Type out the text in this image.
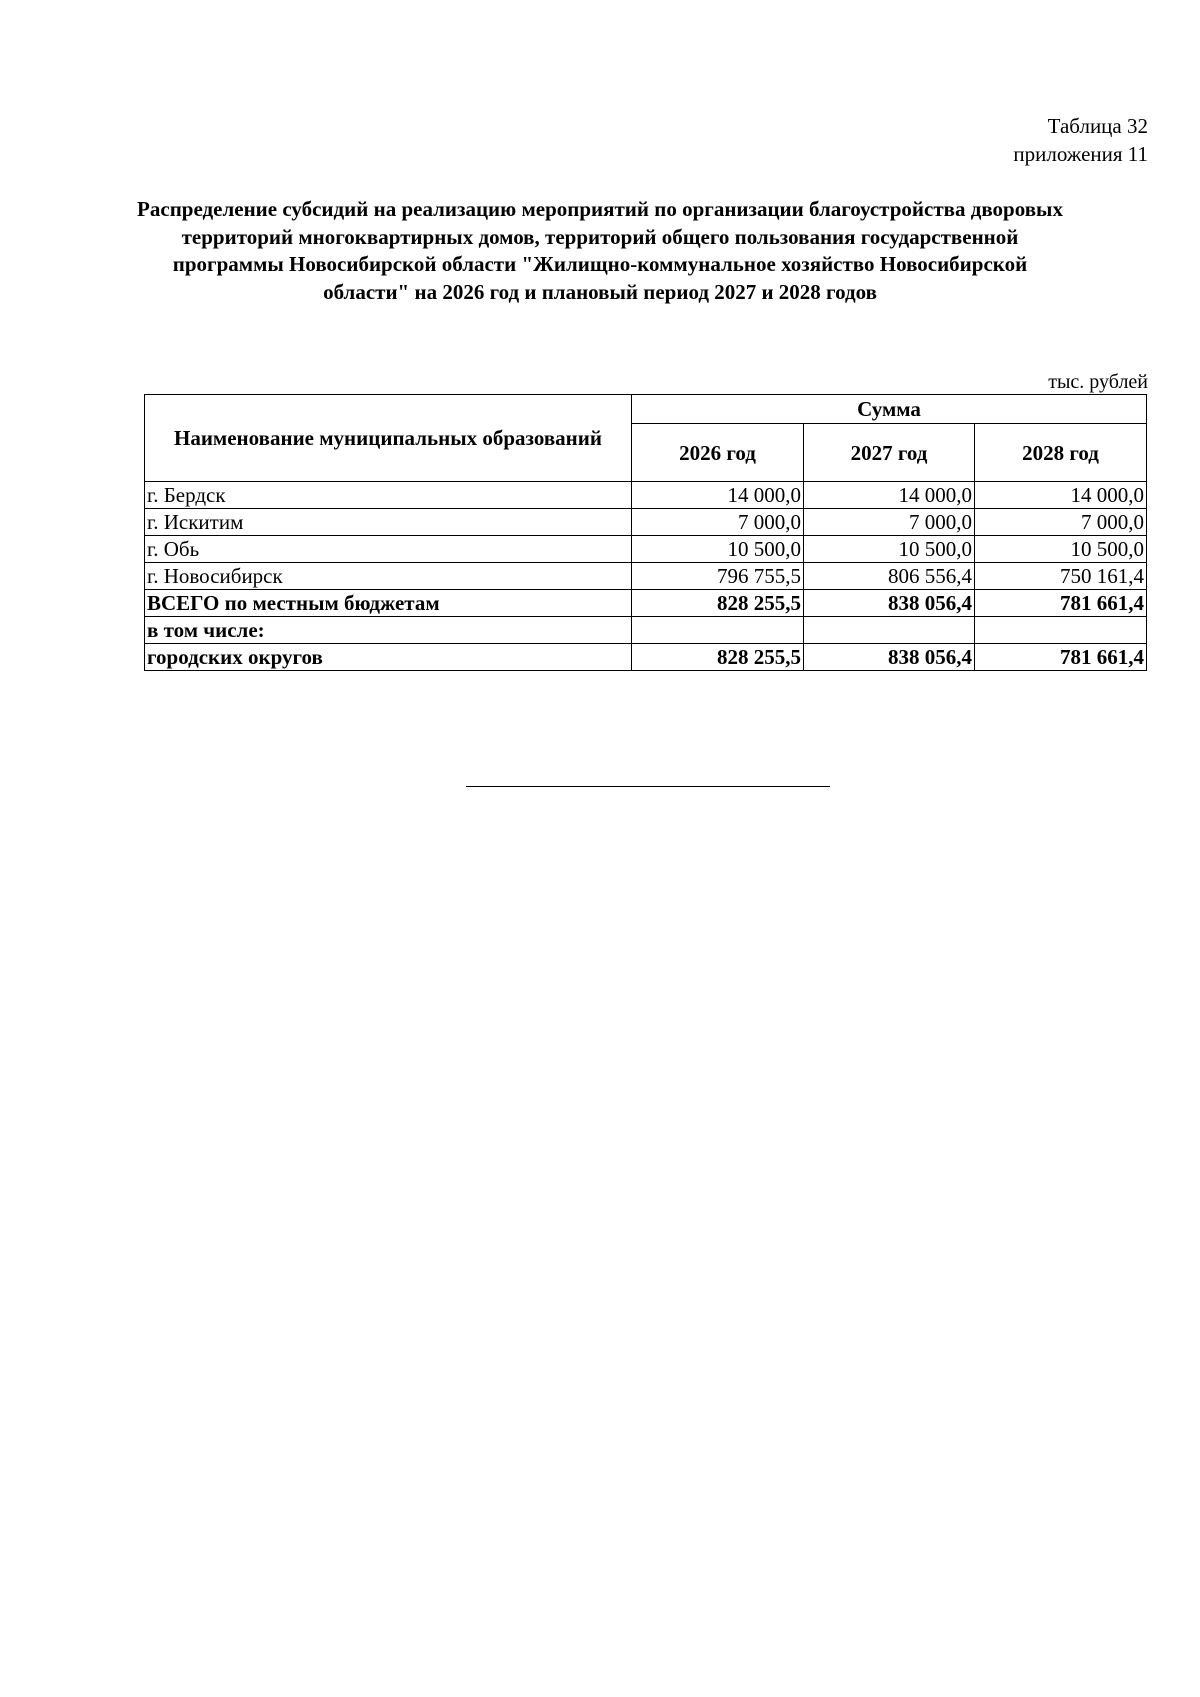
Таблица 32
приложения 11
Распределение субсидий на реализацию мероприятий по организации благоустройства дворовых территорий многоквартирных домов, территорий общего пользования государственной программы Новосибирской области "Жилищно-коммунальное хозяйство Новосибирской области" на 2026 год и плановый период 2027 и 2028 годов
тыс. рублей
Наименование муниципальных образований	Сумма		
	2026 год	2027 год	2028 год
г. Бердск	14 000,0	14 000,0	14 000,0
г. Искитим	7 000,0	7 000,0	7 000,0
г. Обь	10 500,0	10 500,0	10 500,0
г. Новосибирск	796 755,5	806 556,4	750 161,4
ВСЕГО по местным бюджетам	828 255,5	838 056,4	781 661,4
в том числе:			
городских округов	828 255,5	838 056,4	781 661,4
